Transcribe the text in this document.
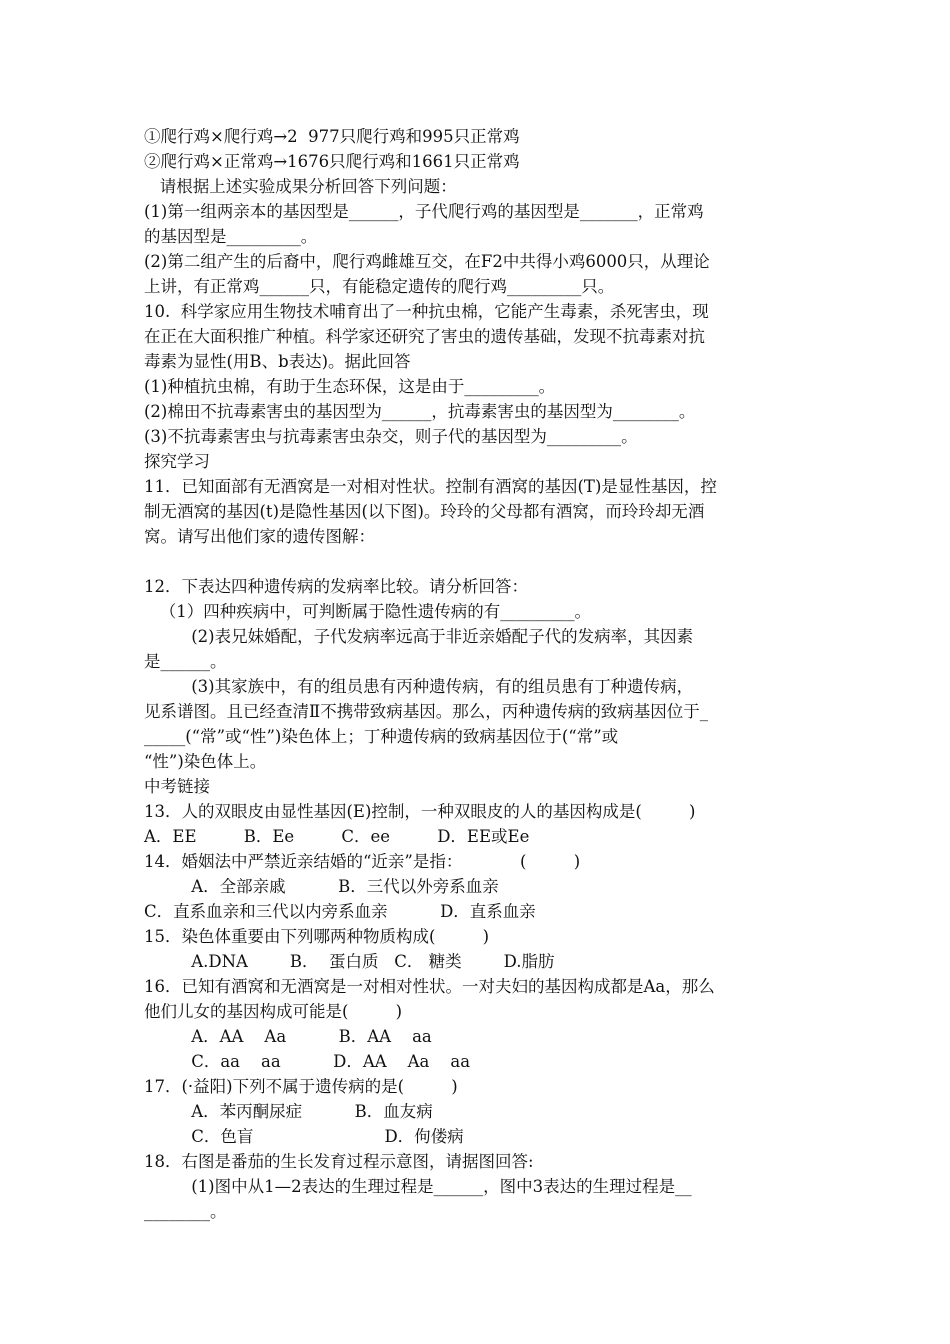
①爬行鸡×爬行鸡→2  977只爬行鸡和995只正常鸡
②爬行鸡×正常鸡→1676只爬行鸡和1661只正常鸡
请根据上述实验成果分析回答下列问题：
(1)第一组两亲本的基因型是______，子代爬行鸡的基因型是_______，正常鸡
的基因型是_________。
(2)第二组产生的后裔中，爬行鸡雌雄互交，在F2中共得小鸡6000只，从理论
上讲，有正常鸡______只，有能稳定遗传的爬行鸡_________只。
10.  科学家应用生物技术哺育出了一种抗虫棉，它能产生毒素，杀死害虫，现
在正在大面积推广种植。科学家还研究了害虫的遗传基础，发现不抗毒素对抗
毒素为显性(用B、b表达)。据此回答
(1)种植抗虫棉，有助于生态环保，这是由于_________。
(2)棉田不抗毒素害虫的基因型为______，抗毒素害虫的基因型为________。
(3)不抗毒素害虫与抗毒素害虫杂交，则子代的基因型为_________。
探究学习
11．已知面部有无酒窝是一对相对性状。控制有酒窝的基因(T)是显性基因，控
制无酒窝的基因(t)是隐性基因(以下图)。玲玲的父母都有酒窝，而玲玲却无酒
窝。请写出他们家的遗传图解：
12．下表达四种遗传病的发病率比较。请分析回答：
（1）四种疾病中，可判断属于隐性遗传病的有_________。
(2)表兄妹婚配，子代发病率远高于非近亲婚配子代的发病率，其因素
是______。
(3)其家族中，有的组员患有丙种遗传病，有的组员患有丁种遗传病，
见系谱图。且已经查清Ⅱ不携带致病基因。那么，丙种遗传病的致病基因位于_
_____(“常”或“性”)染色体上；丁种遗传病的致病基因位于(“常”或
“性”)染色体上。
中考链接
13．人的双眼皮由显性基因(E)控制，一种双眼皮的人的基因构成是(         )
A．EE         B．Ee         C．ee         D．EE或Ee
14．婚姻法中严禁近亲结婚的“近亲”是指：           (         )
A．全部亲戚          B．三代以外旁系血亲
C．直系血亲和三代以内旁系血亲          D．直系血亲
15．染色体重要由下列哪两种物质构成(         )
A.DNA        B．  蛋白质   C． 糖类        D.脂肪
16．已知有酒窝和无酒窝是一对相对性状。一对夫妇的基因构成都是Aa，那么
他们儿女的基因构成可能是(         )
A．AA    Aa          B．AA    aa
C．aa    aa          D．AA    Aa    aa
17．(·益阳)下列不属于遗传病的是(         )
A．苯丙酮尿症          B．血友病
C．色盲                         D．佝偻病
18．右图是番茄的生长发育过程示意图，请据图回答:
(1)图中从1—2表达的生理过程是______，图中3表达的生理过程是__
________。
